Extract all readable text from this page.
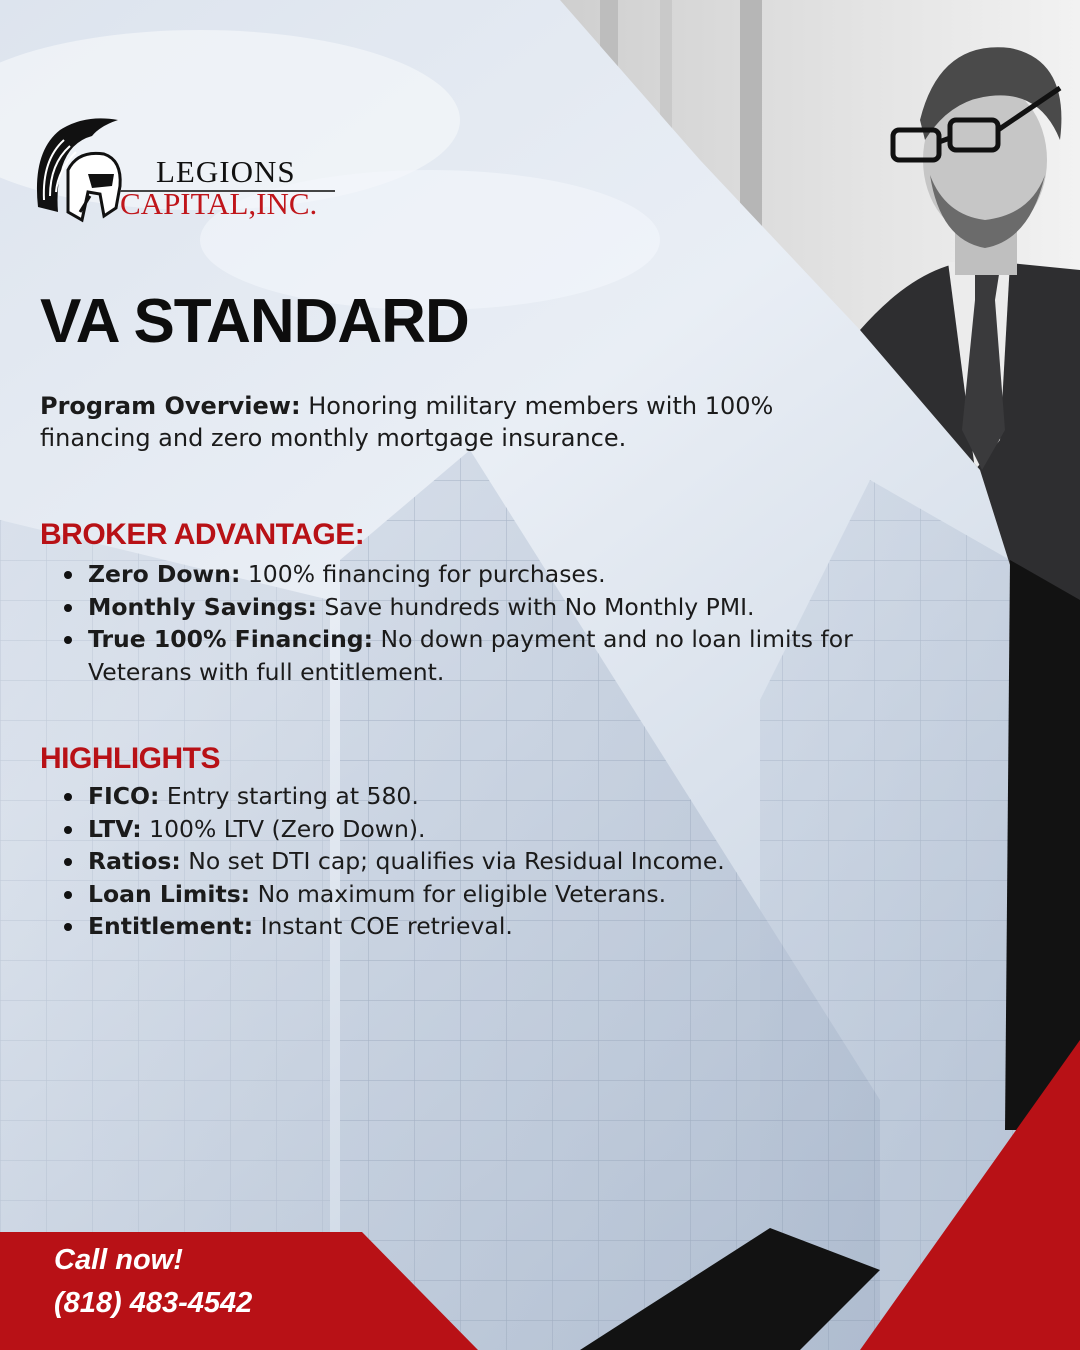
LEGIONS
CAPITAL,INC.
VA STANDARD
Program Overview: Honoring military members with 100% financing and zero monthly mortgage insurance.
BROKER ADVANTAGE:
Zero Down: 100% financing for purchases.
Monthly Savings: Save hundreds with No Monthly PMI.
True 100% Financing: No down payment and no loan limits for Veterans with full entitlement.
HIGHLIGHTS
FICO: Entry starting at 580.
LTV: 100% LTV (Zero Down).
Ratios: No set DTI cap; qualifies via Residual Income.
Loan Limits: No maximum for eligible Veterans.
Entitlement: Instant COE retrieval.
Call now!
(818) 483-4542
